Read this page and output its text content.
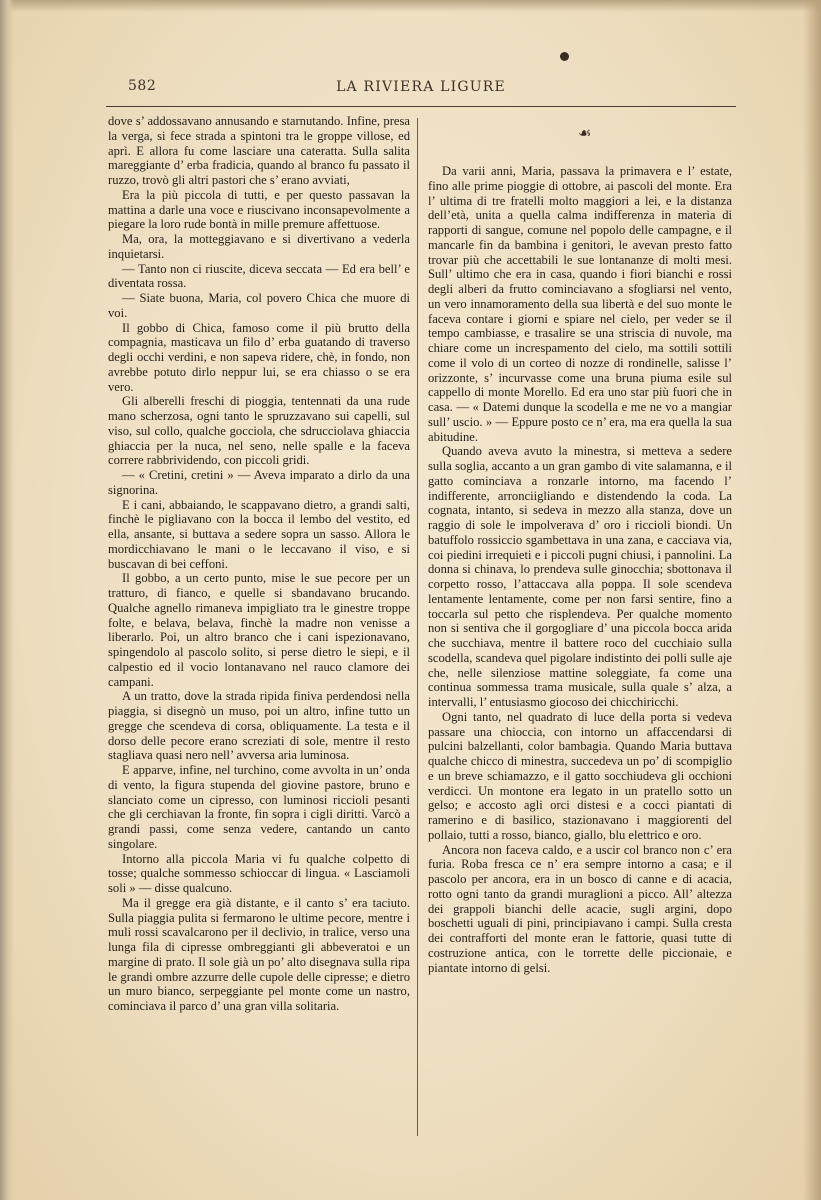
582	LA RIVIERA LIGURE

dove s’ addossavano annusando e starnutando. Infine, presa la verga, si fece strada a spintoni tra le groppe villose, ed aprì. E allora fu come lasciare una cateratta. Sulla salita mareggiante d’ erba fradicia, quando al branco fu passato il ruzzo, trovò gli altri pastori che s’ erano avviati,

Era la più piccola di tutti, e per questo passavan la mattina a darle una voce e riuscivano inconsapevolmente a piegare la loro rude bontà in mille premure affettuose.

Ma, ora, la motteggiavano e si divertivano a vederla inquietarsi.

— Tanto non ci riuscite, diceva seccata — Ed era bell’ e diventata rossa.

— Siate buona, Maria, col povero Chica che muore di voi.

Il gobbo di Chica, famoso come il più brutto della compagnia, masticava un filo d’ erba guatando di traverso degli occhi verdini, e non sapeva ridere, chè, in fondo, non avrebbe potuto dirlo neppur lui, se era chiasso o se era vero.

Gli alberelli freschi di pioggia, tentennati da una rude mano scherzosa, ogni tanto le spruzzavano sui capelli, sul viso, sul collo, qualche gocciola, che sdrucciolava ghiaccia ghiaccia per la nuca, nel seno, nelle spalle e la faceva correre rabbrividendo, con piccoli gridi.

— « Cretini, cretini » — Aveva imparato a dirlo da una signorina.

E i cani, abbaiando, le scappavano dietro, a grandi salti, finchè le pigliavano con la bocca il lembo del vestito, ed ella, ansante, si buttava a sedere sopra un sasso. Allora le mordicchiavano le mani o le leccavano il viso, e si buscavan di bei ceffoni.

Il gobbo, a un certo punto, mise le sue pecore per un tratturo, di fianco, e quelle si sbandavano brucando. Qualche agnello rimaneva impigliato tra le ginestre troppe folte, e belava, belava, finchè la madre non venisse a liberarlo. Poi, un altro branco che i cani ispezionavano, spingendolo al pascolo solito, si perse dietro le siepi, e il calpestio ed il vocio lontanavano nel rauco clamore dei campani.

A un tratto, dove la strada ripida finiva perdendosi nella piaggia, si disegnò un muso, poi un altro, infine tutto un gregge che scendeva di corsa, obliquamente. La testa e il dorso delle pecore erano screziati di sole, mentre il resto stagliava quasi nero nell’ avversa aria luminosa.

E apparve, infine, nel turchino, come avvolta in un’ onda di vento, la figura stupenda del giovine pastore, bruno e slanciato come un cipresso, con luminosi riccioli pesanti che gli cerchiavan la fronte, fin sopra i cigli diritti. Varcò a grandi passi, come senza vedere, cantando un canto singolare.

Intorno alla piccola Maria vi fu qualche colpetto di tosse; qualche sommesso schioccar di lingua. « Lasciamoli soli » — disse qualcuno.

Ma il gregge era già distante, e il canto s’ era taciuto. Sulla piaggia pulita si fermarono le ultime pecore, mentre i muli rossi scavalcarono per il declivio, in tralice, verso una lunga fila di cipresse ombreggianti gli abbeveratoi e un margine di prato. Il sole già un po’ alto disegnava sulla ripa le grandi ombre azzurre delle cupole delle cipresse; e dietro un muro bianco, serpeggiante pel monte come un nastro, cominciava il parco d’ una gran villa solitaria.

☙

Da varii anni, Maria, passava la primavera e l’ estate, fino alle prime pioggie di ottobre, ai pascoli del monte. Era l’ ultima di tre fratelli molto maggiori a lei, e la distanza dell’età, unita a quella calma indifferenza in materia di rapporti di sangue, comune nel popolo delle campagne, e il mancarle fin da bambina i genitori, le avevan presto fatto trovar più che accettabili le sue lontananze di molti mesi. Sull’ ultimo che era in casa, quando i fiori bianchi e rossi degli alberi da frutto cominciavano a sfogliarsi nel vento, un vero innamoramento della sua libertà e del suo monte le faceva contare i giorni e spiare nel cielo, per veder se il tempo cambiasse, e trasalire se una striscia di nuvole, ma chiare come un increspamento del cielo, ma sottili sottili come il volo di un corteo di nozze di rondinelle, salisse l’ orizzonte, s’ incurvasse come una bruna piuma esile sul cappello di monte Morello. Ed era uno star più fuori che in casa. — « Datemi dunque la scodella e me ne vo a mangiar sull’ uscio. » — Eppure posto ce n’ era, ma era quella la sua abitudine.

Quando aveva avuto la minestra, si metteva a sedere sulla soglia, accanto a un gran gambo di vite salamanna, e il gatto cominciava a ronzarle intorno, ma facendo l’ indifferente, arronciigliando e distendendo la coda. La cognata, intanto, si sedeva in mezzo alla stanza, dove un raggio di sole le impolverava d’ oro i riccioli biondi. Un batuffolo rossiccio sgambettava in una zana, e cacciava via, coi piedini irrequieti e i piccoli pugni chiusi, i pannolini. La donna si chinava, lo prendeva sulle ginocchia; sbottonava il corpetto rosso, l’attaccava alla poppa. Il sole scendeva lentamente lentamente, come per non farsi sentire, fino a toccarla sul petto che risplendeva. Per qualche momento non si sentiva che il gorgogliare d’ una piccola bocca arida che succhiava, mentre il battere roco del cucchiaio sulla scodella, scandeva quel pigolare indistinto dei polli sulle aje che, nelle silenziose mattine soleggiate, fa come una continua sommessa trama musicale, sulla quale s’ alza, a intervalli, l’ entusiasmo giocoso dei chicchiricchi.

Ogni tanto, nel quadrato di luce della porta si vedeva passare una chioccia, con intorno un affaccendarsi di pulcini balzellanti, color bambagia. Quando Maria buttava qualche chicco di minestra, succedeva un po’ di scompiglio e un breve schiamazzo, e il gatto socchiudeva gli occhioni verdicci. Un montone era legato in un pratello sotto un gelso; e accosto agli orci distesi e a cocci piantati di ramerino e di basilico, stazionavano i maggiorenti del pollaio, tutti a rosso, bianco, giallo, blu elettrico e oro.

Ancora non faceva caldo, e a uscir col branco non c’ era furia. Roba fresca ce n’ era sempre intorno a casa; e il pascolo per ancora, era in un bosco di canne e di acacia, rotto ogni tanto da grandi muraglioni a picco. All’ altezza dei grappoli bianchi delle acacie, sugli argini, dopo boschetti uguali di pini, principiavano i campi. Sulla cresta dei contrafforti del monte eran le fattorie, quasi tutte di costruzione antica, con le torrette delle piccionaie, e piantate intorno di gelsi.
